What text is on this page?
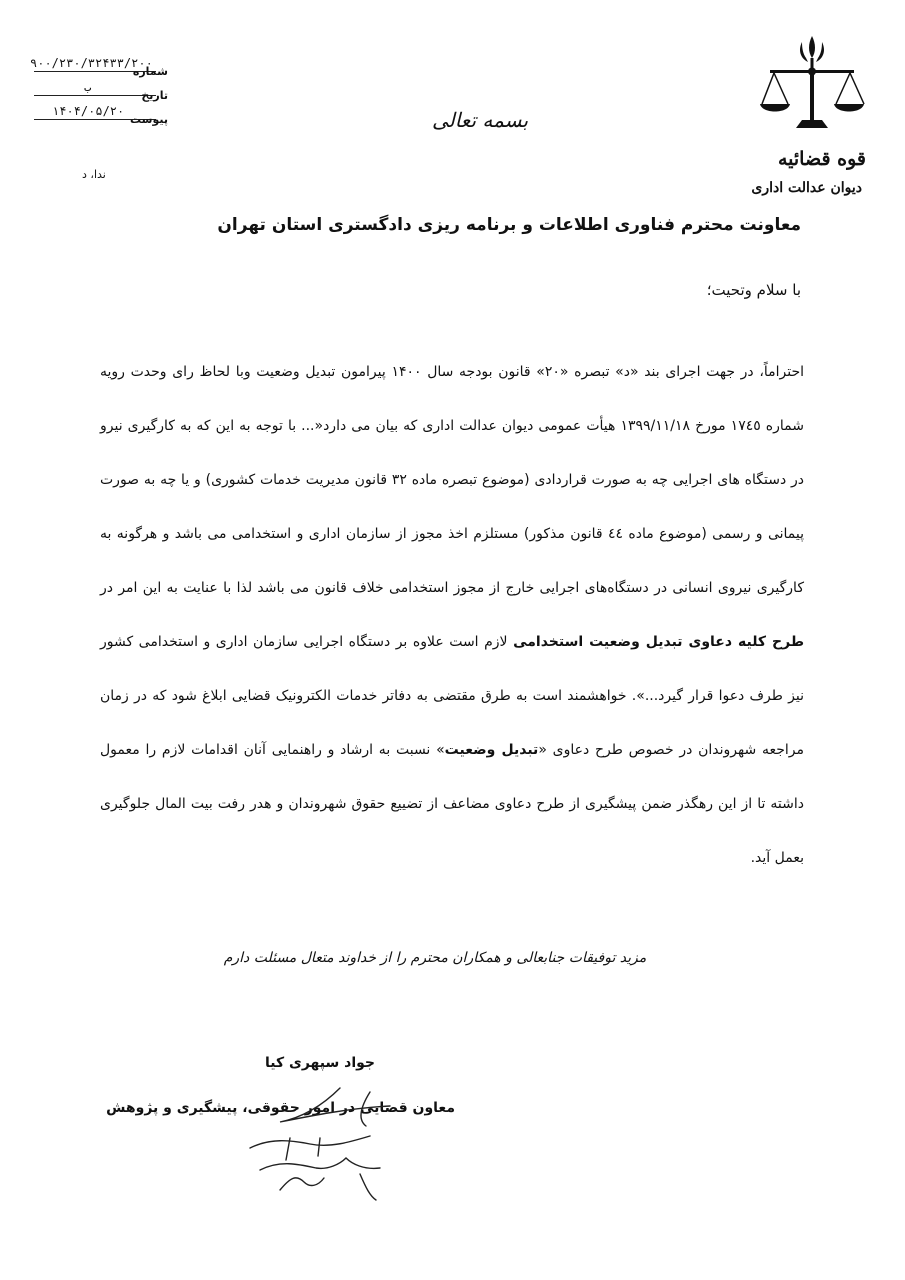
۹۰۰/۲۳۰/۳۲۴۳۳/۲۰۰
شماره
ب
تاریخ
۱۴۰۴/۰۵/۲۰
پیوست
ندا، د
بسمه تعالی
قوه قضائیه
دیوان عدالت اداری
معاونت محترم فناوری اطلاعات و برنامه ریزی دادگستری استان تهران
با سلام وتحیت؛

احتراماً، در جهت اجرای بند «د» تبصره «۲۰» قانون بودجه سال ۱۴۰۰ پیرامون تبدیل وضعیت وبا لحاظ رای وحدت رویه شماره ۱۷٤٥ مورخ ۱۳۹۹/۱۱/۱۸ هیأت عمومی دیوان عدالت اداری که بیان می دارد«... با توجه به این که به کارگیری نیرو در دستگاه های اجرایی چه به صورت قراردادی (موضوع تبصره ماده ۳۲ قانون مدیریت خدمات کشوری) و یا چه به صورت پیمانی و رسمی (موضوع ماده ٤٤ قانون مذکور) مستلزم اخذ مجوز از سازمان اداری و استخدامی می باشد و هرگونه به کارگیری نیروی انسانی در دستگاه‌های اجرایی خارج از مجوز استخدامی خلاف قانون می باشد لذا با عنایت به این امر در طرح کلیه دعاوی تبدیل وضعیت استخدامی لازم است علاوه بر دستگاه اجرایی سازمان اداری و استخدامی کشور نیز طرف دعوا قرار گیرد...». خواهشمند است به طرق مقتضی به دفاتر خدمات الکترونیک قضایی ابلاغ شود که در زمان مراجعه شهروندان در خصوص طرح دعاوی «تبدیل وضعیت» نسبت به ارشاد و راهنمایی آنان اقدامات لازم را معمول داشته تا از این رهگذر ضمن پیشگیری از طرح دعاوی مضاعف از تضییع حقوق شهروندان و هدر رفت بیت المال جلوگیری بعمل آید.

مزید توفیقات جنابعالی و همکاران محترم را از خداوند متعال مسئلت دارم
جواد سپهری کیا
معاون قضایی در امور حقوقی، پیشگیری و پژوهش
